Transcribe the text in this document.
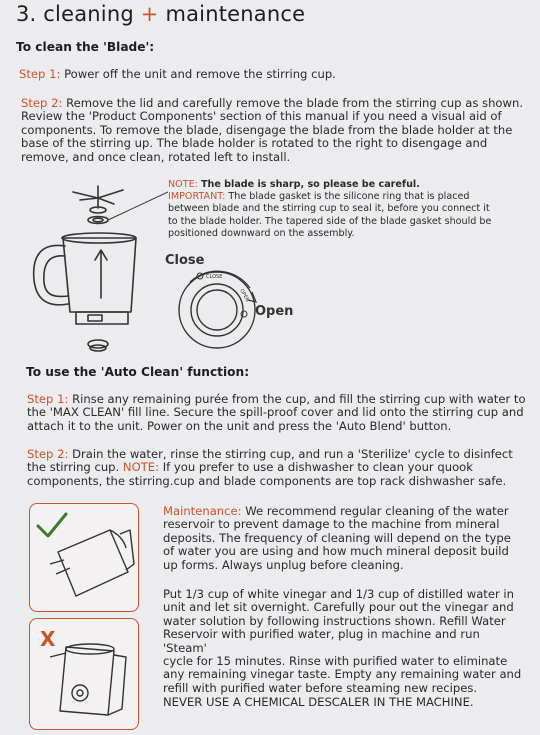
3. cleaning + maintenance
To clean the 'Blade':
Step 1: Power off the unit and remove the stirring cup.
Step 2: Remove the lid and carefully remove the blade from the stirring cup as shown.
Review the 'Product Components' section of this manual if you need a visual aid of
components. To remove the blade, disengage the blade from the blade holder at the
base of the stirring up. The blade holder is rotated to the right to disengage and
remove, and once clean, rotated left to install.
NOTE: The blade is sharp, so please be careful.
IMPORTANT: The blade gasket is the silicone ring that is placed
between blade and the stirring cup to seal it, before you connect it
to the blade holder. The tapered side of the blade gasket should be
positioned downward on the assembly.
Close
Open
CLOSE
OPEN
To use the 'Auto Clean' function:
Step 1: Rinse any remaining purée from the cup, and fill the stirring cup with water to
the 'MAX CLEAN' fill line. Secure the spill-proof cover and lid onto the stirring cup and
attach it to the unit. Power on the unit and press the 'Auto Blend' button.
Step 2: Drain the water, rinse the stirring cup, and run a 'Sterilize' cycle to disinfect
the stirring cup. NOTE: If you prefer to use a dishwasher to clean your quook
components, the stirring.cup and blade components are top rack dishwasher safe.
X
Maintenance: We recommend regular cleaning of the water
reservoir to prevent damage to the machine from mineral
deposits. The frequency of cleaning will depend on the type
of water you are using and how much mineral deposit build
up forms. Always unplug before cleaning.
Put 1/3 cup of white vinegar and 1/3 cup of distilled water in
unit and let sit overnight. Carefully pour out the vinegar and
water solution by following instructions shown. Refill Water
Reservoir with purified water, plug in machine and run 'Steam'
cycle for 15 minutes. Rinse with purified water to eliminate
any remaining vinegar taste. Empty any remaining water and
refill with purified water before steaming new recipes.
NEVER USE A CHEMICAL DESCALER IN THE MACHINE.
